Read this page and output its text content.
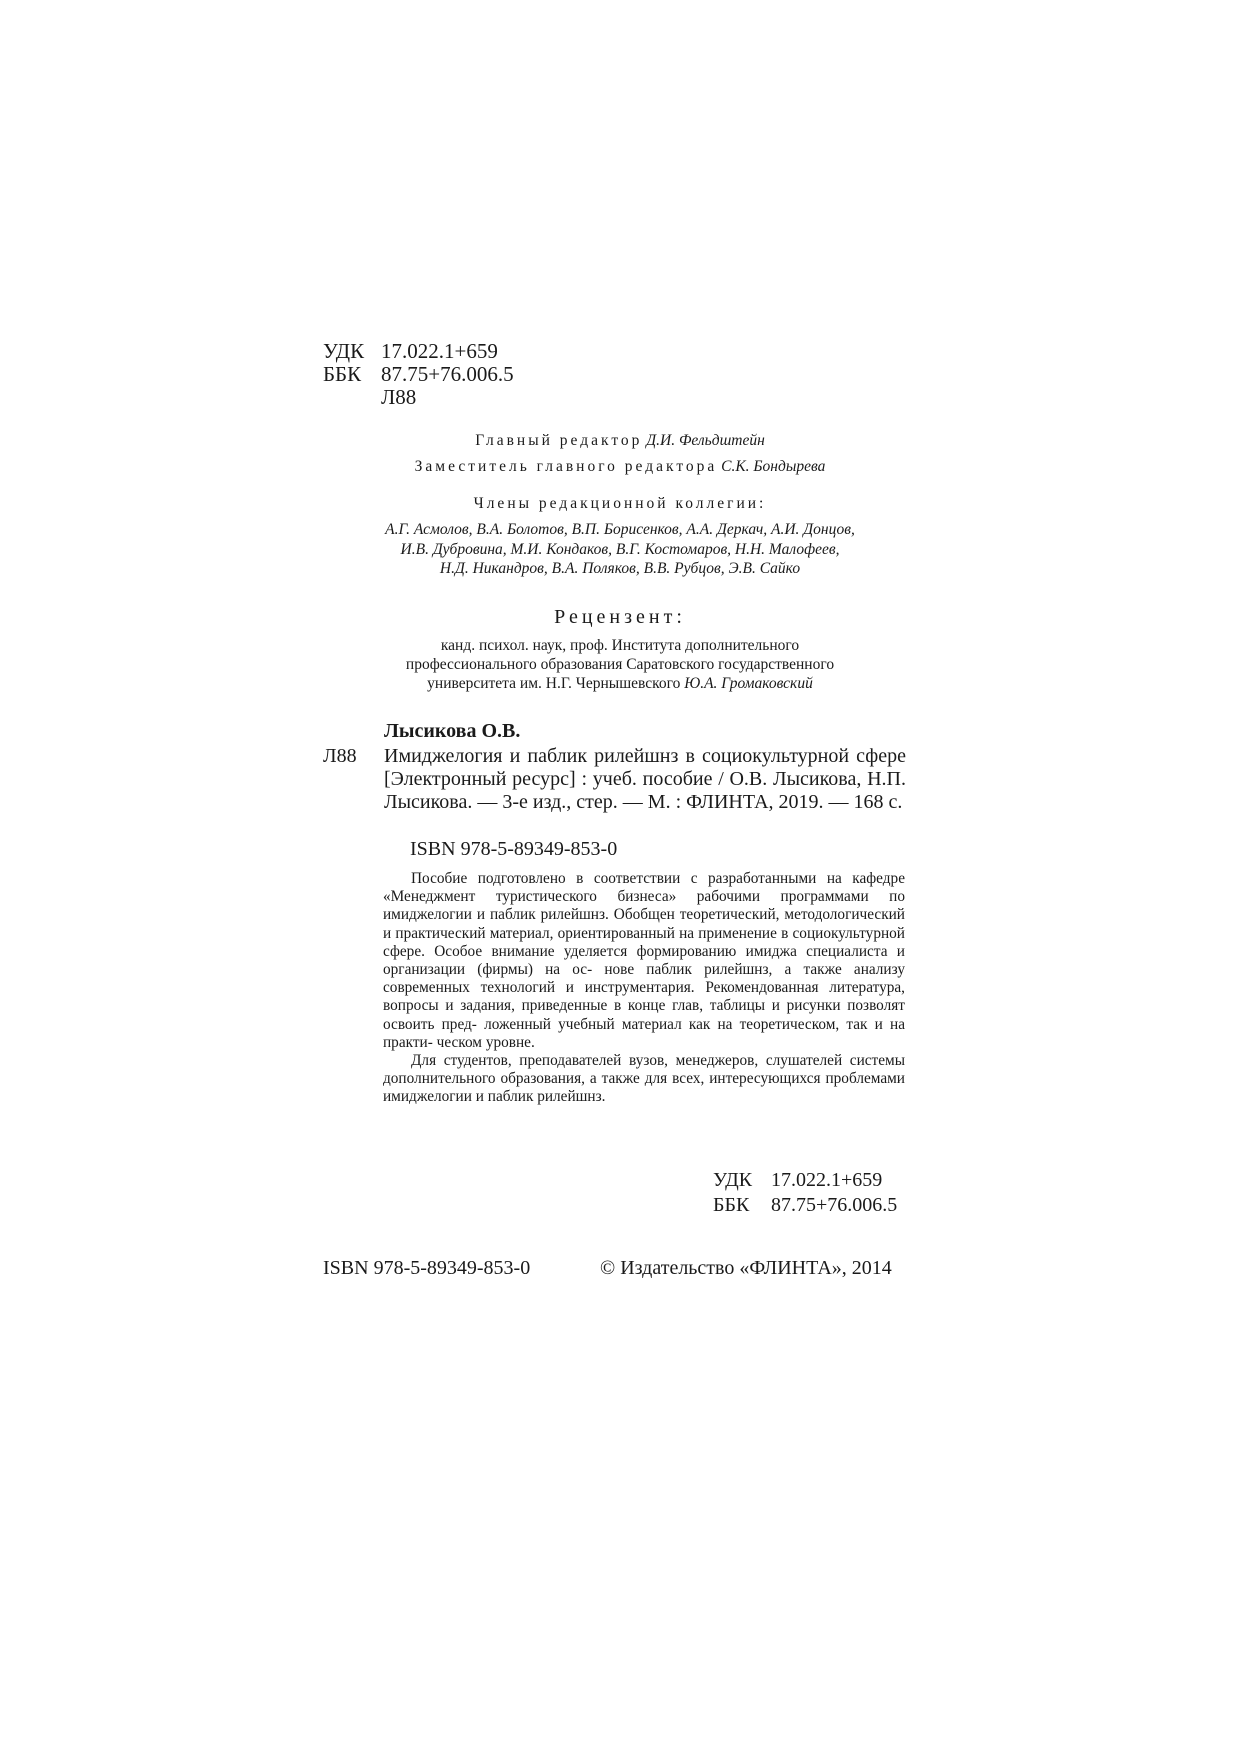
УДК 17.022.1+659
ББК 87.75+76.006.5
Л88
Главный редактор Д.И. Фельдштейн
Заместитель главного редактора С.К. Бондырева
Члены редакционной коллегии:
А.Г. Асмолов, В.А. Болотов, В.П. Борисенков, А.А. Деркач, А.И. Донцов,
И.В. Дубровина, М.И. Кондаков, В.Г. Костомаров, Н.Н. Малофеев,
Н.Д. Никандров, В.А. Поляков, В.В. Рубцов, Э.В. Сайко
Рецензент:
канд. психол. наук, проф. Института дополнительного
профессионального образования Саратовского государственного
университета им. Н.Г. Чернышевского Ю.А. Громаковский
Лысикова О.В.
Л88 Имиджелогия и паблик рилейшнз в социокультурной сфере [Электронный ресурс] : учеб. пособие / О.В. Лысикова, Н.П. Лысикова. — 3-е изд., стер. — М. : ФЛИНТА, 2019. — 168 с.
ISBN 978-5-89349-853-0

Пособие подготовлено в соответствии с разработанными на кафедре «Менеджмент туристического бизнеса» рабочими программами по имиджелогии и паблик рилейшнз. Обобщен теоретический, методологический и практический материал, ориентированный на применение в социокультурной сфере. Особое внимание уделяется формированию имиджа специалиста и организации (фирмы) на ос- нове паблик рилейшнз, а также анализу современных технологий и инструментария. Рекомендованная литература, вопросы и задания, приведенные в конце глав, таблицы и рисунки позволят освоить пред- ложенный учебный материал как на теоретическом, так и на практи- ческом уровне.

Для студентов, преподавателей вузов, менеджеров, слушателей системы дополнительного образования, а также для всех, интересующихся проблемами имиджелогии и паблик рилейшнз.

УДК 17.022.1+659
ББК	87.75+76.006.5
ISBN 978-5-89349-853-0	© Издательство «ФЛИНТА», 2014
